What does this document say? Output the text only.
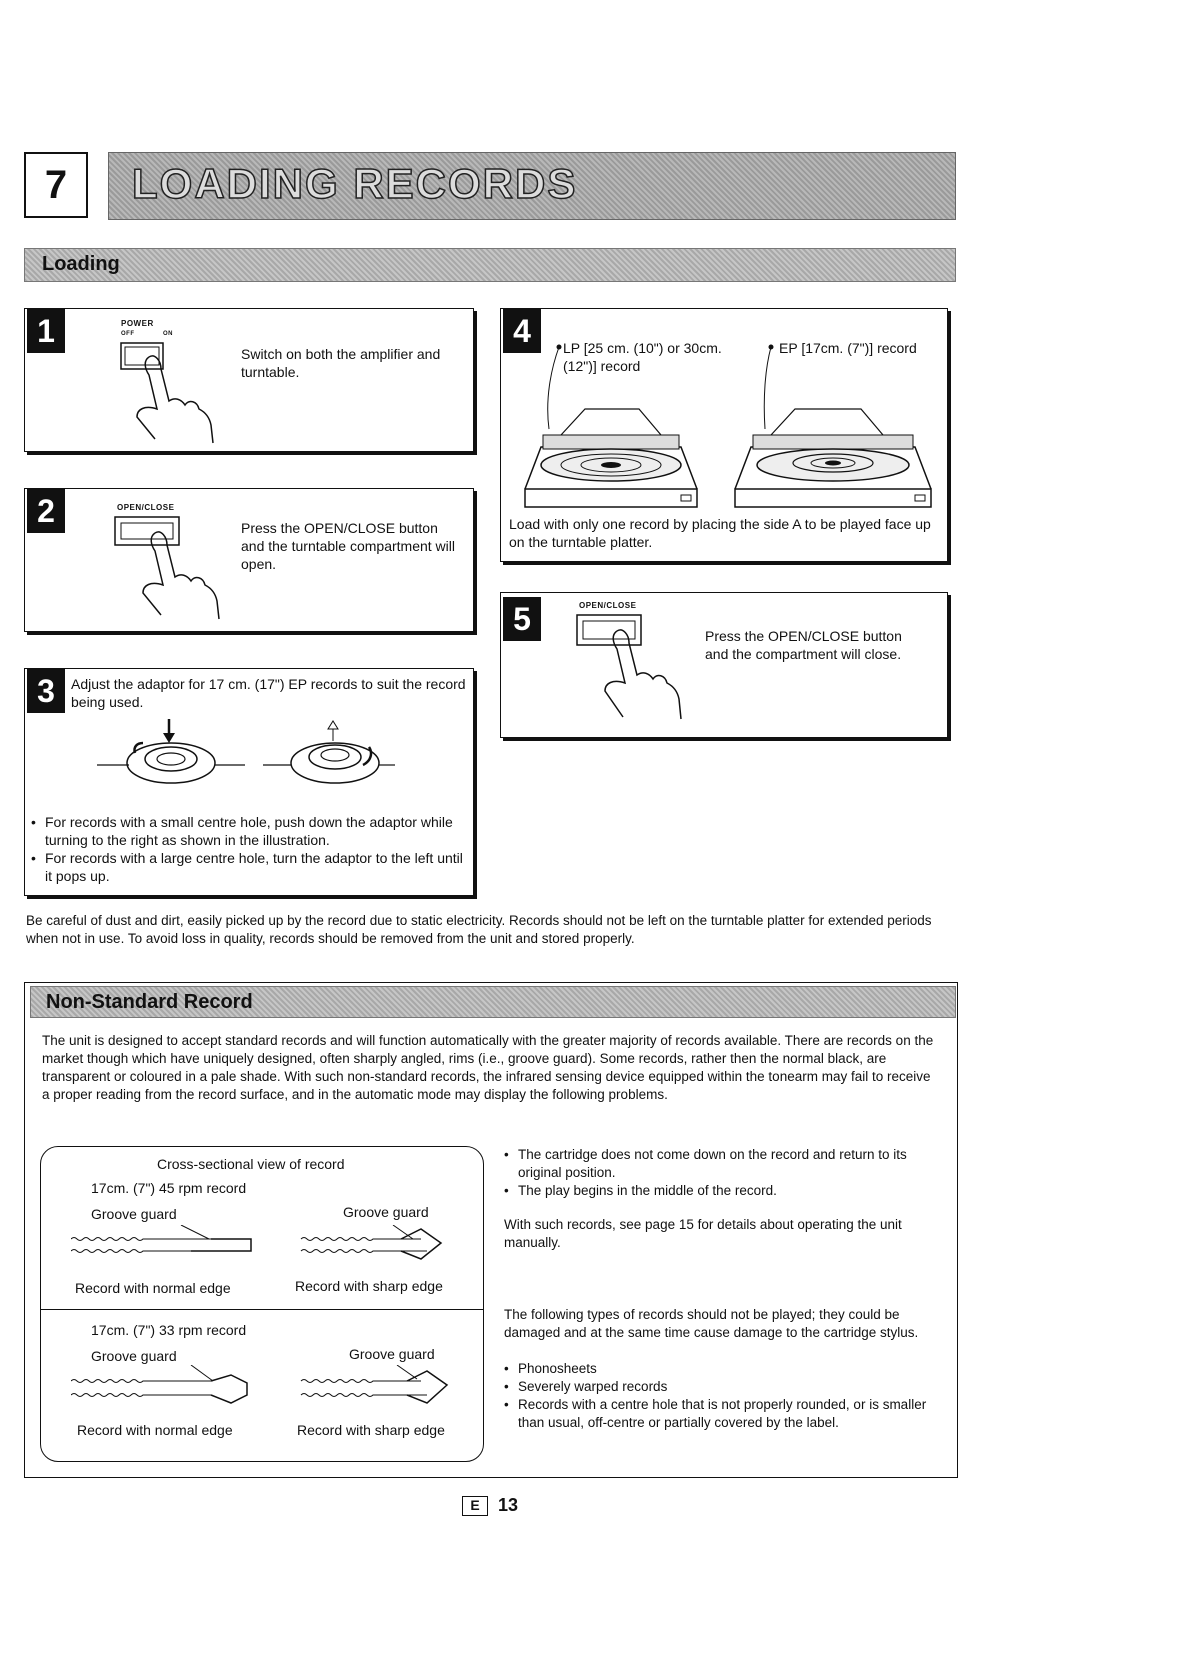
7	LOADING RECORDS
Loading
1	POWER
OFF	ON
Switch on both the amplifier and turntable.
2	OPEN/CLOSE
Press the OPEN/CLOSE button and the turntable compartment will open.
3	Adjust the adaptor for 17 cm. (17") EP records to suit the record being used.
• For records with a small centre hole, push down the adaptor while turning to the right as shown in the illustration.
• For records with a large centre hole, turn the adaptor to the left until it pops up.
4	LP [25 cm. (10") or 30cm. (12")] record
EP [17cm. (7")] record
Load with only one record by placing the side A to be played face up on the turntable platter.
5	OPEN/CLOSE
Press the OPEN/CLOSE button and the compartment will close.
Be careful of dust and dirt, easily picked up by the record due to static electricity. Records should not be left on the turntable platter for extended periods when not in use. To avoid loss in quality, records should be removed from the unit and stored properly.
Non-Standard Record
The unit is designed to accept standard records and will function automatically with the greater majority of records available. There are records on the market though which have uniquely designed, often sharply angled, rims (i.e., groove guard). Some records, rather then the normal black, are transparent or coloured in a pale shade. With such non-standard records, the infrared sensing device equipped within the tonearm may fail to receive a proper reading from the record surface, and in the automatic mode may display the following problems.
Cross-sectional view of record
17cm. (7") 45 rpm record
Groove guard	Groove guard
Record with normal edge	Record with sharp edge
17cm. (7") 33 rpm record
Groove guard	Groove guard
Record with normal edge	Record with sharp edge
• The cartridge does not come down on the record and return to its original position.
• The play begins in the middle of the record.
With such records, see page 15 for details about operating the unit manually.
The following types of records should not be played; they could be damaged and at the same time cause damage to the cartridge stylus.
• Phonosheets
• Severely warped records
• Records with a centre hole that is not properly rounded, or is smaller than usual, off-centre or partially covered by the label.
E	13
